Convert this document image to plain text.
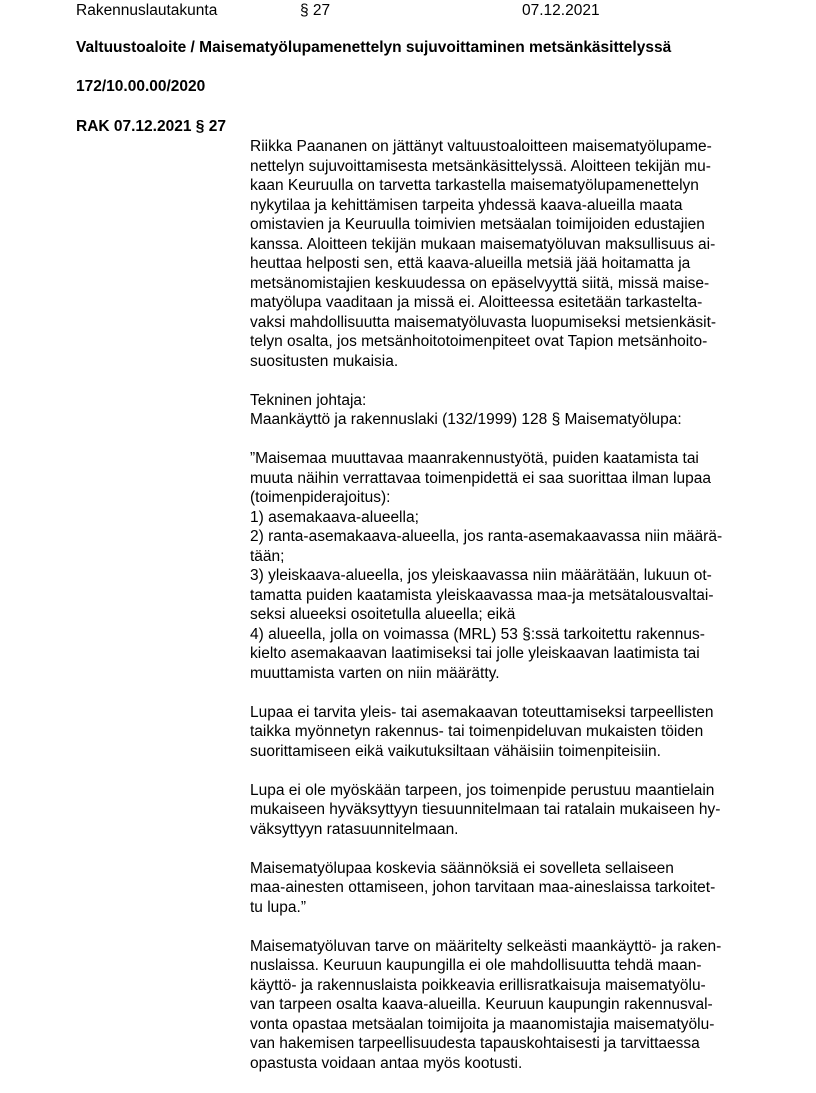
Rakennuslautakunta	§ 27	07.12.2021
Valtuustoaloite / Maisematyölupamenettelyn sujuvoittaminen metsänkäsittelyssä
172/10.00.00/2020
RAK 07.12.2021 § 27
Riikka Paananen on jättänyt valtuustoaloitteen maisematyölupame-
nettelyn sujuvoittamisesta metsänkäsittelyssä. Aloitteen tekijän mu-
kaan Keuruulla on tarvetta tarkastella maisematyölupamenettelyn
nykytilaa ja kehittämisen tarpeita yhdessä kaava-alueilla maata
omistavien ja Keuruulla toimivien metsäalan toimijoiden edustajien
kanssa. Aloitteen tekijän mukaan maisematyöluvan maksullisuus ai-
heuttaa helposti sen, että kaava-alueilla metsiä jää hoitamatta ja
metsänomistajien keskuudessa on epäselvyyttä siitä, missä maise-
matyölupa vaaditaan ja missä ei. Aloitteessa esitetään tarkastelta-
vaksi mahdollisuutta maisematyöluvasta luopumiseksi metsienkäsit-
telyn osalta, jos metsänhoitotoimenpiteet ovat Tapion metsänhoito-
suositusten mukaisia.
Tekninen johtaja:
Maankäyttö ja rakennuslaki (132/1999) 128 § Maisematyölupa:
”Maisemaa muuttavaa maanrakennustyötä, puiden kaatamista tai
muuta näihin verrattavaa toimenpidettä ei saa suorittaa ilman lupaa
(toimenpiderajoitus):
1) asemakaava-alueella;
2) ranta-asemakaava-alueella, jos ranta-asemakaavassa niin määrä-
tään;
3) yleiskaava-alueella, jos yleiskaavassa niin määrätään, lukuun ot-
tamatta puiden kaatamista yleiskaavassa maa-ja metsätalousvaltai-
seksi alueeksi osoitetulla alueella; eikä
4) alueella, jolla on voimassa (MRL) 53 §:ssä tarkoitettu rakennus-
kielto asemakaavan laatimiseksi tai jolle yleiskaavan laatimista tai
muuttamista varten on niin määrätty.
Lupaa ei tarvita yleis- tai asemakaavan toteuttamiseksi tarpeellisten
taikka myönnetyn rakennus- tai toimenpideluvan mukaisten töiden
suorittamiseen eikä vaikutuksiltaan vähäisiin toimenpiteisiin.
Lupa ei ole myöskään tarpeen, jos toimenpide perustuu maantielain
mukaiseen hyväksyttyyn tiesuunnitelmaan tai ratalain mukaiseen hy-
väksyttyyn ratasuunnitelmaan.
Maisematyölupaa koskevia säännöksiä ei sovelleta sellaiseen
maa-ainesten ottamiseen, johon tarvitaan maa-aineslaissa tarkoitet-
tu lupa.”
Maisematyöluvan tarve on määritelty selkeästi maankäyttö- ja raken-
nuslaissa. Keuruun kaupungilla ei ole mahdollisuutta tehdä maan-
käyttö- ja rakennuslaista poikkeavia erillisratkaisuja maisematyölu-
van tarpeen osalta kaava-alueilla. Keuruun kaupungin rakennusval-
vonta opastaa metsäalan toimijoita ja maanomistajia maisematyölu-
van hakemisen tarpeellisuudesta tapauskohtaisesti ja tarvittaessa
opastusta voidaan antaa myös kootusti.
